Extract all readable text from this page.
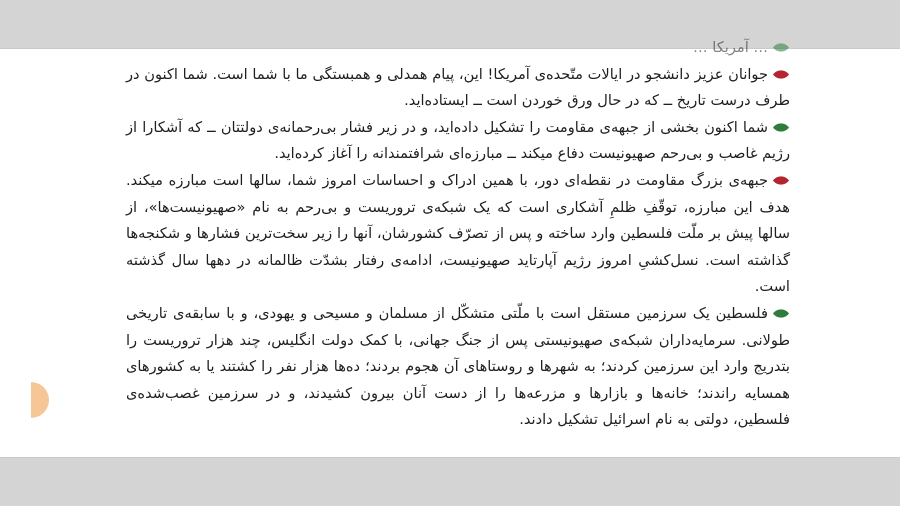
… آمریکا …

جوانان عزیز دانشجو در ایالات متّحده‌ی آمریکا! این، پیام همدلی و همبستگی ما با شما است. شما اکنون در طرف درست تاریخ ــ که در حال ورق خوردن است ــ ایستاده‌اید.

شما اکنون بخشی از جبهه‌ی مقاومت را تشکیل داده‌اید، و در زیر فشار بی‌رحمانه‌ی دولتتان ــ که آشکارا از رژیم غاصب و بی‌رحم صهیونیست دفاع میکند ــ مبارزه‌ای شرافتمندانه را آغاز کرده‌اید.

جبهه‌ی بزرگ مقاومت در نقطه‌ای دور، با همین ادراک و احساسات امروز شما، سالها است مبارزه میکند. هدف این مبارزه، توقّفِ ظلمِ آشکاری است که یک شبکه‌ی تروریست و بی‌رحم به نام «صهیونیست‌ها»، از سالها پیش بر ملّت فلسطین وارد ساخته و پس از تصرّف کشورشان، آنها را زیر سخت‌ترین فشارها و شکنجه‌ها گذاشته است. نسل‌کشیِ امروز رژیم آپارتاید صهیونیست، ادامه‌ی رفتار بشدّت ظالمانه در دهها سال گذشته است.

فلسطین یک سرزمین مستقل است با ملّتی متشکّل از مسلمان و مسیحی و یهودی، و با سابقه‌ی تاریخی طولانی. سرمایه‌داران شبکه‌ی صهیونیستی پس از جنگ جهانی، با کمک دولت انگلیس، چند هزار تروریست را بتدریج وارد این سرزمین کردند؛ به شهرها و روستاهای آن هجوم بردند؛ ده‌ها هزار نفر را کشتند یا به کشورهای همسایه راندند؛ خانه‌ها و بازارها و مزرعه‌ها را از دست آنان بیرون کشیدند، و در سرزمین غصب‌شده‌ی فلسطین، دولتی به نام اسرائیل تشکیل دادند.
